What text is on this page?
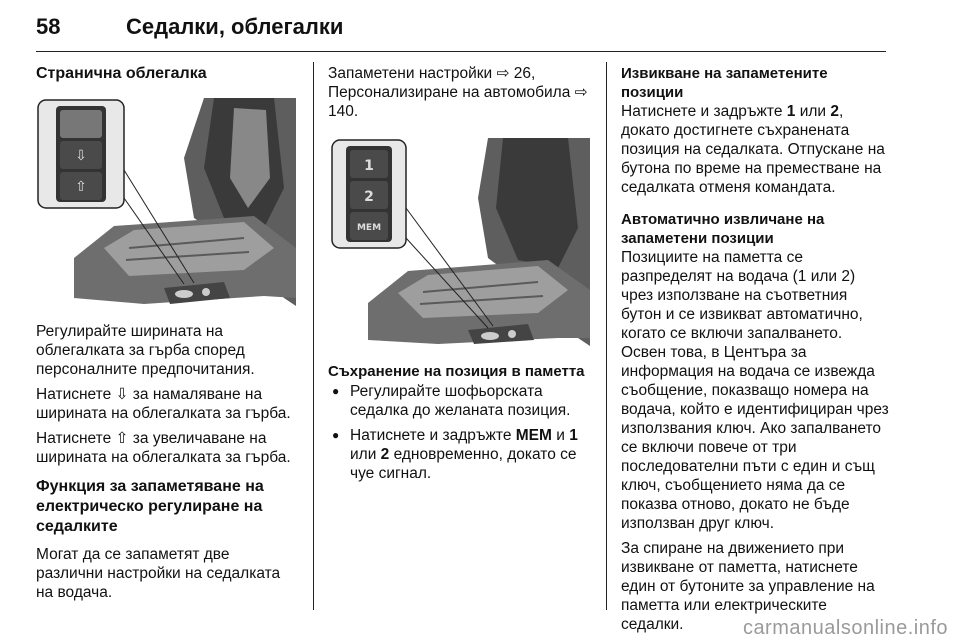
58	Седалки, облегалки
Странична облегалка
⇩
⇧

Регулирайте ширината на облегалката за гърба според персоналните предпочитания.

Натиснете ⇩ за намаляване на ширината на облегалката за гърба.

Натиснете ⇧ за увеличаване на ширината на облегалката за гърба.

Функция за запаметяване на електрическо регулиране на седалките

Могат да се запаметят две различни настройки на седалката на водача.

Запаметени настройки ⇨ 26, Персонализиране на автомобила ⇨ 140.

1
2
MEM
Съхранение на позиция в паметта
● Регулирайте шофьорската седалка до желаната позиция.
● Натиснете и задръжте MEM и 1 или 2 едновременно, докато се чуе сигнал.
Извикване на запаметените позиции

Натиснете и задръжте 1 или 2, докато достигнете съхранената позиция на седалката. Отпускане на бутона по време на преместване на седалката отменя командата.

Автоматично извличане на запаметени позиции

Позициите на паметта се разпределят на водача (1 или 2) чрез използване на съответния бутон и се извикват автоматично, когато се включи запалването. Освен това, в Центъра за информация на водача се извежда съобщение, показващо номера на водача, който е идентифициран чрез използвания ключ. Ако запалването се включи повече от три последователни пъти с един и същ ключ, съобщението няма да се показва отново, докато не бъде използван друг ключ.

За спиране на движението при извикване от паметта, натиснете един от бутоните за управление на паметта или електрическите седалки.	carmanualsonline.info
